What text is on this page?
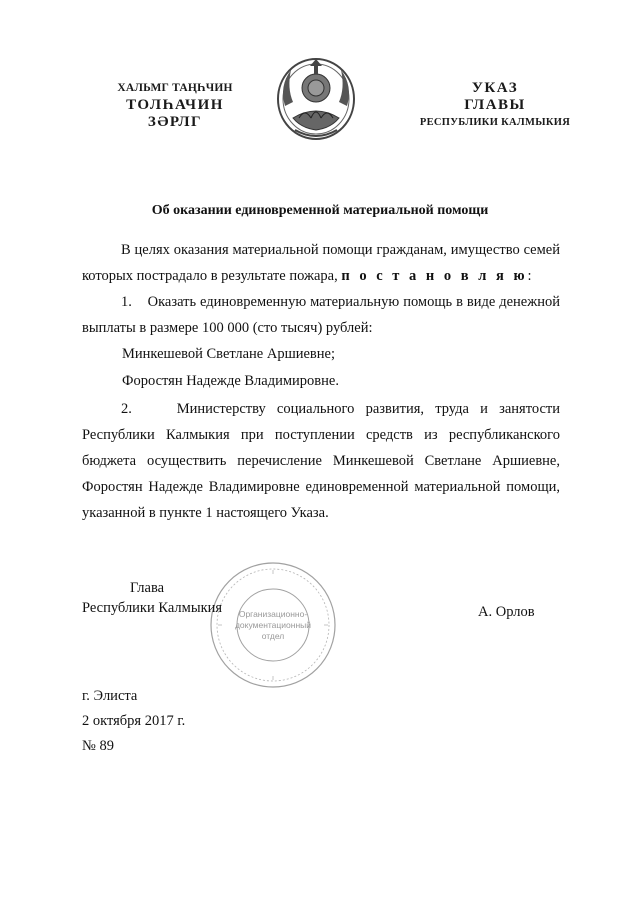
ХАЛЬМГ ТАҢҺЧИН
ТОЛҺАЧИН
ЗӘРЛГ
УКАЗ
ГЛАВЫ
РЕСПУБЛИКИ КАЛМЫКИЯ
Об оказании единовременной материальной помощи
В целях оказания материальной помощи гражданам, имущество семей которых пострадало в результате пожара, п о с т а н о в л я ю:
1.    Оказать единовременную материальную помощь в виде денежной выплаты в размере 100 000 (сто тысяч) рублей:
Минкешевой Светлане Аршиевне;
Форостян Надежде Владимировне.
2.    Министерству социального развития, труда и занятости Республики Калмыкия при поступлении средств из республиканского бюджета осуществить перечисление Минкешевой Светлане Аршиевне, Форостян Надежде Владимировне единовременной материальной помощи, указанной в пункте 1 настоящего Указа.
Организационно-
документационный
отдел
Глава
Республики Калмыкия	А. Орлов
г. Элиста
2 октября 2017 г.
№ 89
